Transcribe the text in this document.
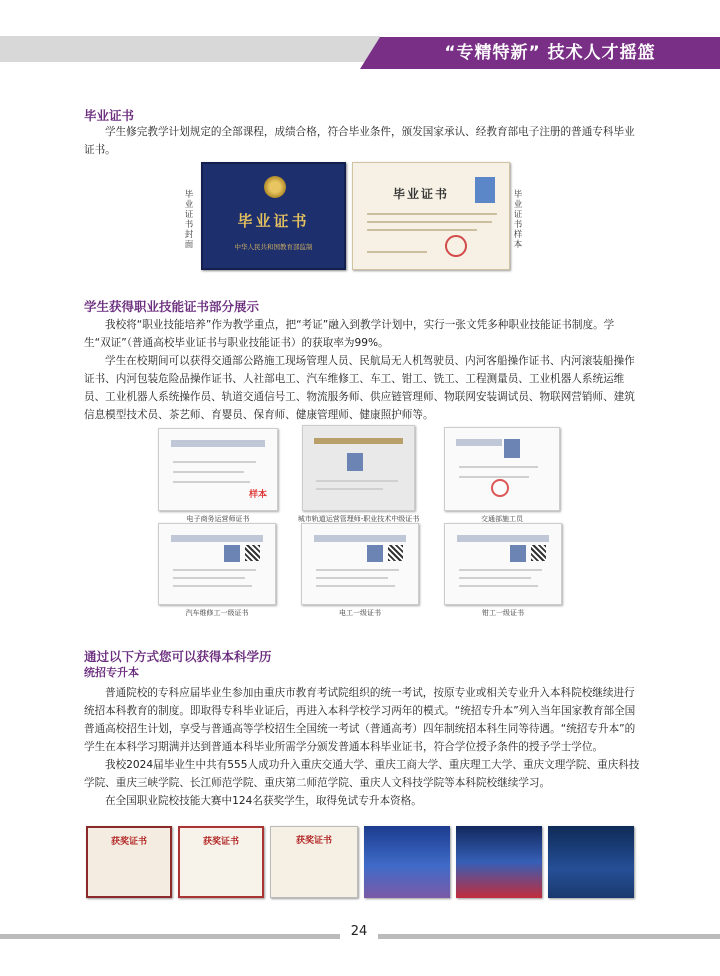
“专精特新” 技术人才摇篮
毕业证书

学生修完教学计划规定的全部课程，成绩合格，符合毕业条件，颁发国家承认、经教育部电子注册的普通专科毕业证书。

毕业证书封面
毕业证书
中华人民共和国教育部监制
毕业证书	毕业证书样本
学生获得职业技能证书部分展示

我校将“职业技能培养”作为教学重点，把“考证”融入到教学计划中，实行一张文凭多种职业技能证书制度。学生“双证”（普通高校毕业证书与职业技能证书）的获取率为99%。

学生在校期间可以获得交通部公路施工现场管理人员、民航局无人机驾驶员、内河客船操作证书、内河滚装船操作证书、内河包装危险品操作证书、人社部电工、汽车维修工、车工、钳工、铣工、工程测量员、工业机器人系统运维员、工业机器人系统操作员、轨道交通信号工、物流服务师、供应链管理师、物联网安装调试员、物联网营销师、建筑信息模型技术员、茶艺师、育婴员、保育师、健康管理师、健康照护师等。

样本
电子商务运营师证书	城市轨道运营管理师-职业技术中级证书	交通部施工员
汽车维修工一级证书	电工一级证书	钳工一级证书
通过以下方式您可以获得本科学历
统招专升本

普通院校的专科应届毕业生参加由重庆市教育考试院组织的统一考试，按原专业或相关专业升入本科院校继续进行统招本科教育的制度。即取得专科毕业证后，再进入本科学校学习两年的模式。“统招专升本”列入当年国家教育部全国普通高校招生计划，享受与普通高等学校招生全国统一考试（普通高考）四年制统招本科生同等待遇。“统招专升本”的学生在本科学习期满并达到普通本科毕业所需学分颁发普通本科毕业证书，符合学位授予条件的授予学士学位。

我校2024届毕业生中共有555人成功升入重庆交通大学、重庆工商大学、重庆理工大学、重庆文理学院、重庆科技学院、重庆三峡学院、长江师范学院、重庆第二师范学院、重庆人文科技学院等本科院校继续学习。

在全国职业院校技能大赛中124名获奖学生，取得免试专升本资格。

获奖证书	获奖证书	获奖证书
24
